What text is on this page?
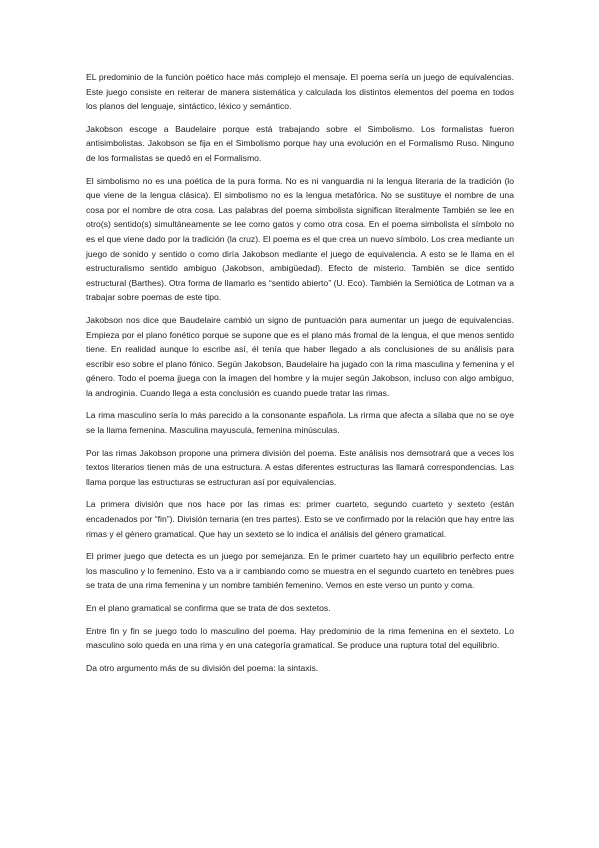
EL predominio de la función poético hace más complejo el mensaje. El poema sería un juego de equivalencias. Este juego consiste en reiterar de manera sistemática y calculada los distintos elementos del poema en todos los planos del lenguaje, sintáctico, léxico y semántico.

Jakobson escoge a Baudelaire porque está trabajando sobre el Simbolismo. Los formalistas fueron antisimbolistas. Jakobson se fija en el Simbolismo porque hay una evolución en el Formalismo Ruso. Ninguno de los formalistas se quedó en el Formalismo.

El simbolismo no es una poética de la pura forma. No es ni vanguardia ni la lengua literaria de la tradición (lo que viene de la lengua clásica). El simbolismo no es la lengua metafórica. No se sustituye el nombre de una cosa por el nombre de otra cosa. Las palabras del poema simbolista significan literalmente También se lee en otro(s) sentido(s) simultáneamente se lee como gatos y como otra cosa. En el poema simbolista el símbolo no es el que viene dado por la tradición (la cruz). El poema es el que crea un nuevo símbolo. Los crea mediante un juego de sonido y sentido o como diría Jakobson mediante el juego de equivalencia. A esto se le llama en el estructuralismo sentido ambiguo (Jakobson, ambigüedad). Efecto de misterio. También se dice sentido estructural (Barthes). Otra forma de llamarlo es “sentido abierto” (U. Eco). También la Semiótica de Lotman va a trabajar sobre poemas de este tipo.

Jakobson nos dice que Baudelaire cambió un signo de puntuación para aumentar un juego de equivalencias. Empieza por el plano fonético porque se supone que es el plano más fromal de la lengua, el que menos sentido tiene. En realidad aunque lo escribe así, él tenía que haber llegado a als conclusiones de su análisis para escribir eso sobre el plano fónico. Según Jakobson, Baudelaire ha jugado con la rima masculina y femenina y el género. Todo el poema jjuega con la imagen del hombre y la mujer según Jakobson, incluso con algo ambiguo, la androginia. Cuando llega a esta conclusión es cuando puede tratar las rimas.

La rima masculino sería lo más parecido a la consonante española. La rirma que afecta a sílaba que no se oye se la llama femenina. Masculina mayuscula, femenina minúsculas.

Por las rimas Jakobson propone una primera división del poema. Este análisis nos demsotrará que a veces los textos literarios tienen más de una estructura. A estas diferentes estructuras las llamará correspondencias. Las llama porque las estructuras se estructuran así por equivalencias.

La primera división que nos hace por las rimas es: primer cuarteto, segundo cuarteto y sexteto (están encadenados por “fin”). División ternaria (en tres partes). Esto se ve confirmado por la relación que hay entre las rimas y el género gramatical. Que hay un sexteto se lo indica el análisis del género gramatical.

El primer juego que detecta es un juego por semejanza. En le primer cuarteto hay un equilibrio perfecto entre los masculino y lo femenino. Esto va a ir cambiando como se muestra en el segundo cuarteto en tenèbres pues se trata de una rima femenina y un nombre también femenino. Vemos en este verso un punto y coma.

En el plano gramatical se confirma que se trata de dos sextetos.

Entre fin y fin se juego todo lo masculino del poema. Hay predominio de la rima femenina en el sexteto. Lo masculino solo queda en una rima y en una categoría gramatical. Se produce una ruptura total del equilibrio.

Da otro argumento más de su división del poema: la sintaxis.
